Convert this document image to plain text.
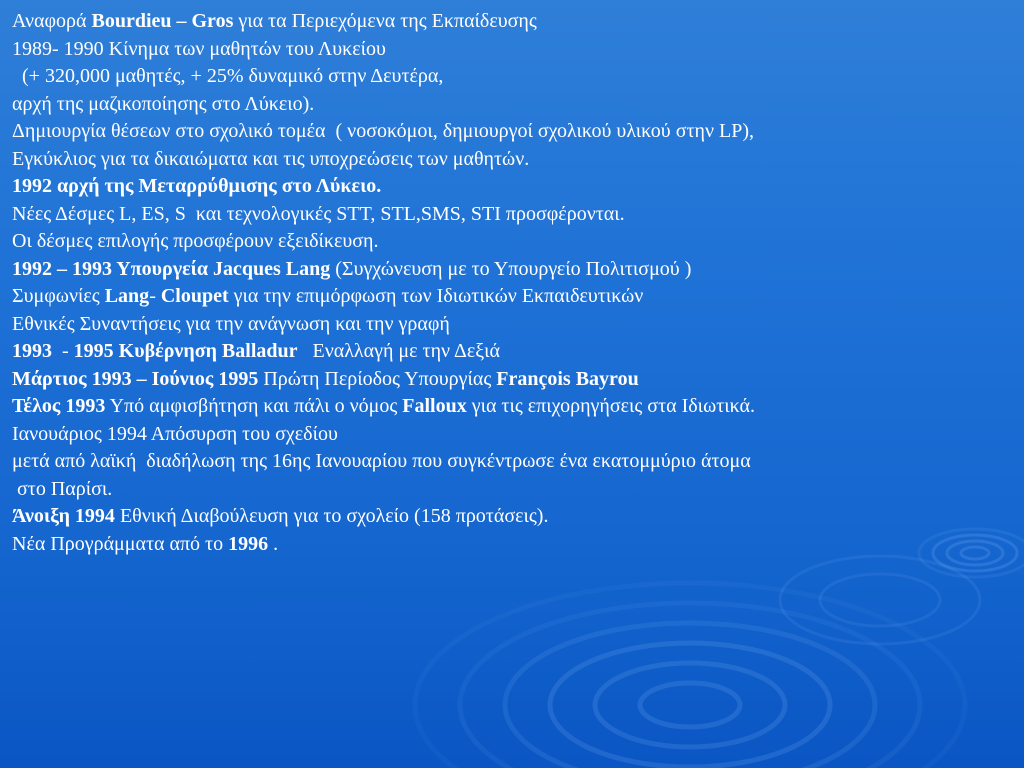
Αναφορά Bourdieu – Gros για τα Περιεχόμενα της Εκπαίδευσης
1989- 1990 Κίνημα των μαθητών του Λυκείου
(+ 320,000 μαθητές, + 25% δυναμικό στην Δευτέρα,
αρχή της μαζικοποίησης στο Λύκειο).
Δημιουργία θέσεων στο σχολικό τομέα  ( νοσοκόμοι, δημιουργοί σχολικού υλικού στην LP),
Εγκύκλιος για τα δικαιώματα και τις υποχρεώσεις των μαθητών.
1992 αρχή της Μεταρρύθμισης στο Λύκειο.
Νέες Δέσμες L, ES, S  και τεχνολογικές STT, STL,SMS, STI προσφέρονται.
Οι δέσμες επιλογής προσφέρουν εξειδίκευση.
1992 – 1993 Υπουργεία Jacques Lang (Συγχώνευση με το Υπουργείο Πολιτισμού )
Συμφωνίες Lang- Cloupet για την επιμόρφωση των Ιδιωτικών Εκπαιδευτικών
Εθνικές Συναντήσεις για την ανάγνωση και την γραφή
1993  - 1995 Κυβέρνηση Balladur   Εναλλαγή με την Δεξιά
Μάρτιος 1993 – Ιούνιος 1995 Πρώτη Περίοδος Υπουργίας François Bayrou
Τέλος 1993 Υπό αμφισβήτηση και πάλι ο νόμος Falloux για τις επιχορηγήσεις στα Ιδιωτικά.
Ιανουάριος 1994 Απόσυρση του σχεδίου
μετά από λαϊκή  διαδήλωση της 16ης Ιανουαρίου που συγκέντρωσε ένα εκατομμύριο άτομα
στο Παρίσι.
Άνοιξη 1994 Εθνική Διαβούλευση για το σχολείο (158 προτάσεις).
Νέα Προγράμματα από το 1996 .
